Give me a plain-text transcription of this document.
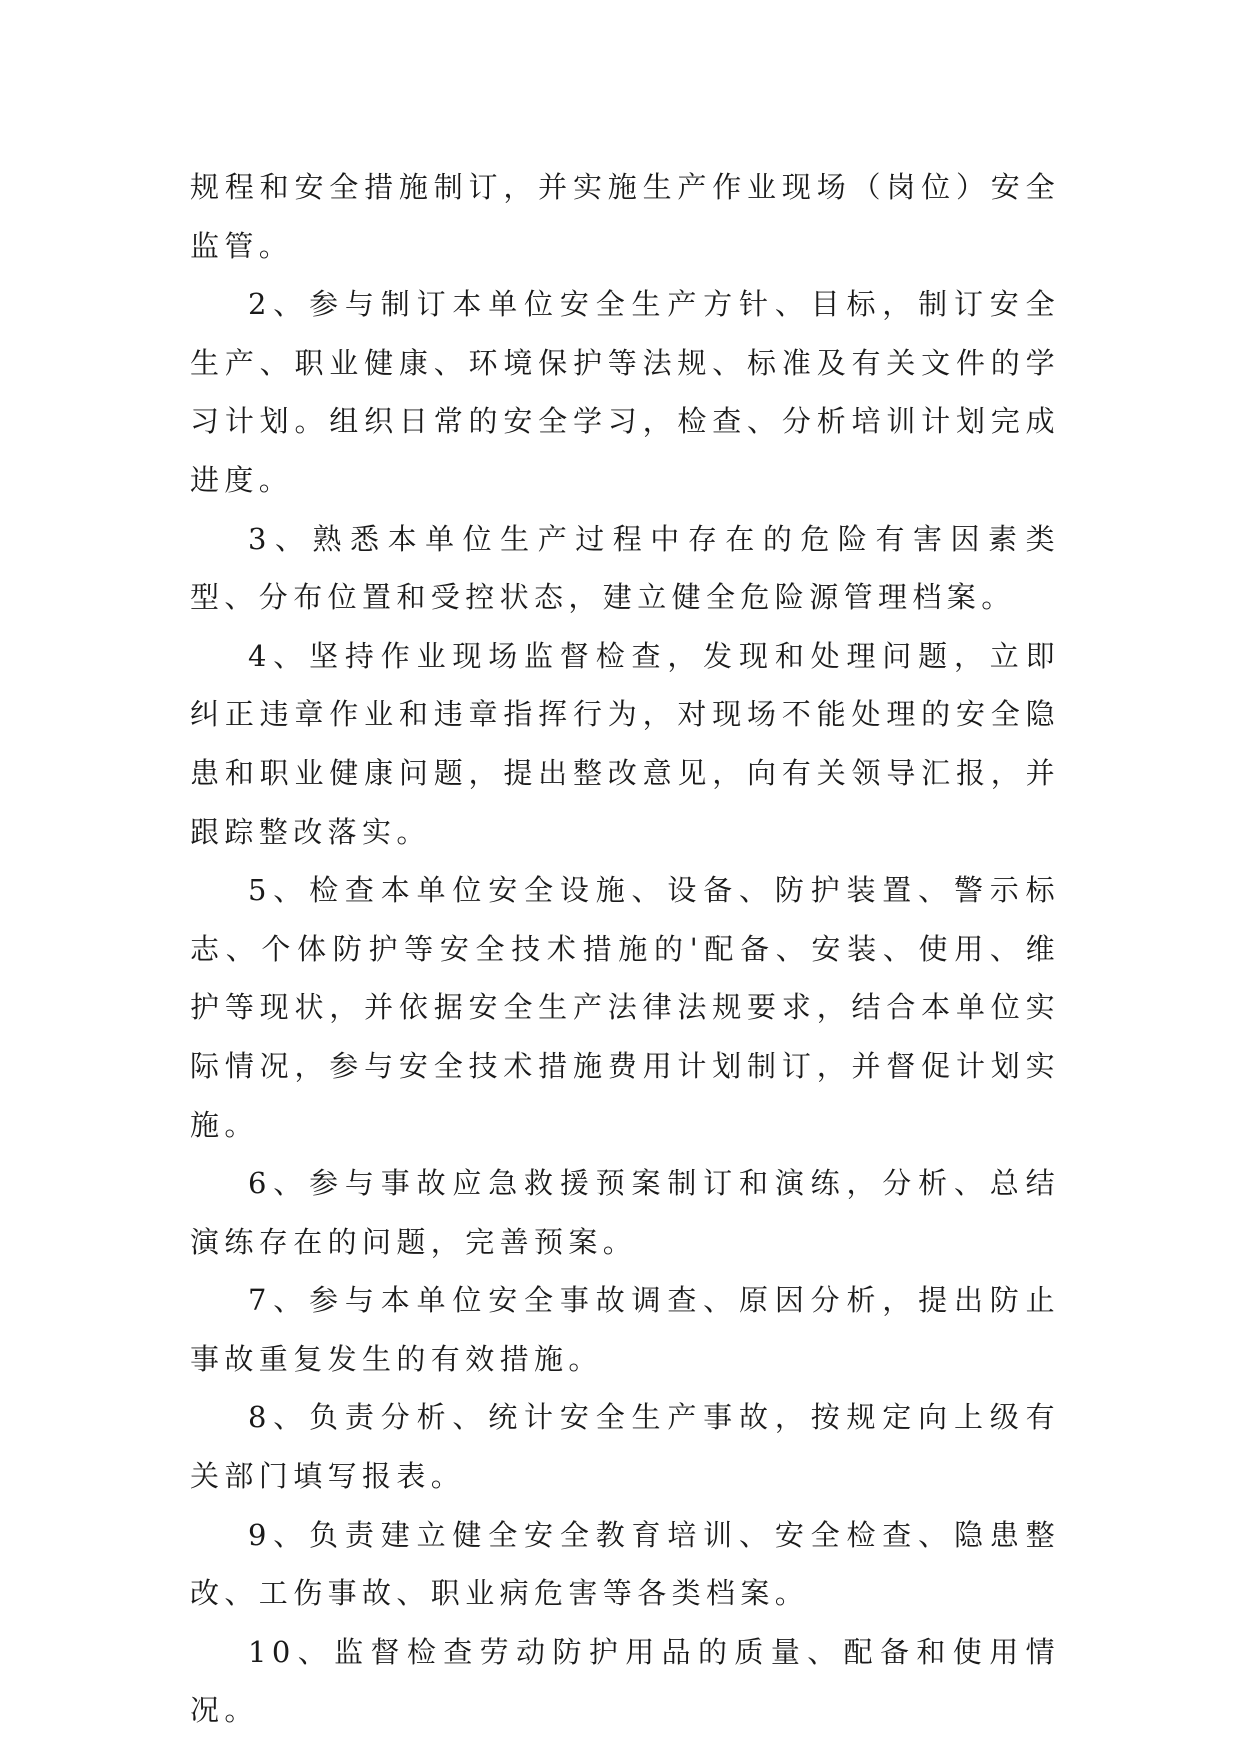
规程和安全措施制订，并实施生产作业现场（岗位）安全监管。

2、参与制订本单位安全生产方针、目标，制订安全生产、职业健康、环境保护等法规、标准及有关文件的学习计划。组织日常的安全学习，检查、分析培训计划完成进度。

3、熟悉本单位生产过程中存在的危险有害因素类型、分布位置和受控状态，建立健全危险源管理档案。

4、坚持作业现场监督检查，发现和处理问题，立即纠正违章作业和违章指挥行为，对现场不能处理的安全隐患和职业健康问题，提出整改意见，向有关领导汇报，并跟踪整改落实。

5、检查本单位安全设施、设备、防护装置、警示标志、个体防护等安全技术措施的'配备、安装、使用、维护等现状，并依据安全生产法律法规要求，结合本单位实际情况，参与安全技术措施费用计划制订，并督促计划实施。

6、参与事故应急救援预案制订和演练，分析、总结演练存在的问题，完善预案。

7、参与本单位安全事故调查、原因分析，提出防止事故重复发生的有效措施。

8、负责分析、统计安全生产事故，按规定向上级有关部门填写报表。

9、负责建立健全安全教育培训、安全检查、隐患整改、工伤事故、职业病危害等各类档案。

10、监督检查劳动防护用品的质量、配备和使用情况。
